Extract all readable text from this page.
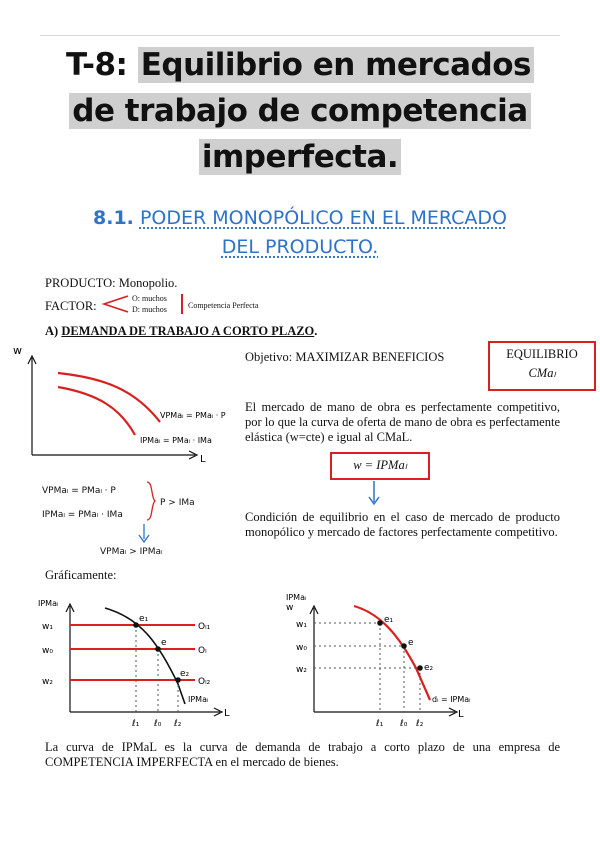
T-8: Equilibrio en mercados
de trabajo de competencia
imperfecta.
8.1. PODER MONOPÓLICO EN EL MERCADO
DEL PRODUCTO.
PRODUCTO: Monopolio.
FACTOR:
O: muchos
D: muchos	Competencia Perfecta
A) DEMANDA DE TRABAJO A CORTO PLAZO.
w
L
VPMaₗ = PMaₗ · P
IPMaₗ = PMaₗ · IMa
Objetivo: MAXIMIZAR BENEFICIOS	EQUILIBRIO
CMaₗ
El mercado de mano de obra es perfectamente competitivo, por lo que la curva de oferta de mano de obra es perfectamente elástica (w=cte) e igual al CMaL.
w = IPMaₗ
Condición de equilibrio en el caso de mercado de producto monopólico y mercado de factores perfectamente competitivo.
VPMaₗ = PMaₗ · P
IPMaₗ = PMaₗ · IMa
P > IMa
VPMaₗ > IPMaₗ
Gráficamente:
IPMaₗ
L
w₁
w₀
w₂
Oₗ₁
Oₗ
Oₗ₂
e₁
e
e₂
ℓ₁ ℓ₀ ℓ₂
IPMaₗ
IPMaₗ
w
L
w₁
w₀
w₂
e₁
e
e₂
ℓ₁ ℓ₀ ℓ₂
dₗ = IPMaₗ
La curva de IPMaL es la curva de demanda de trabajo a corto plazo de una empresa de COMPETENCIA IMPERFECTA en el mercado de bienes.
